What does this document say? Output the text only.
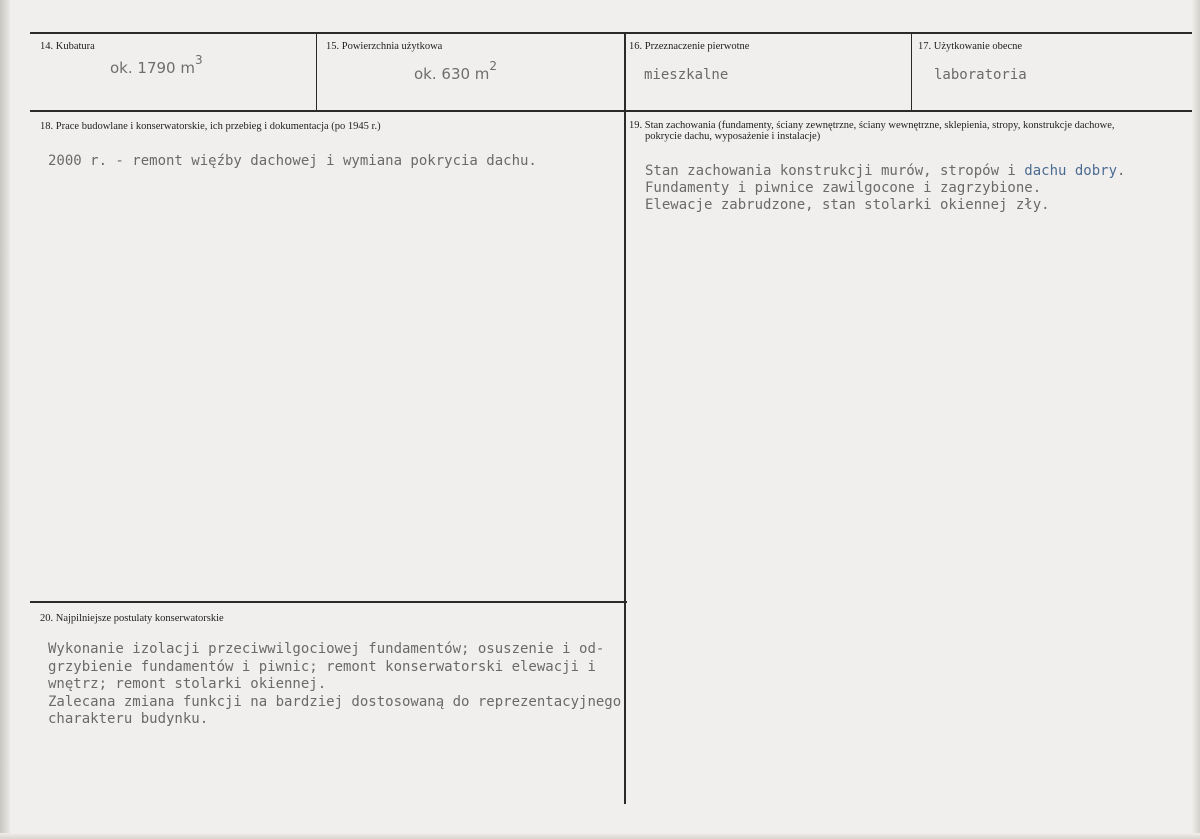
14. Kubatura
ok. 1790 $m^3$
15. Powierzchnia użytkowa
ok. 630 $m^2$
16. Przeznaczenie pierwotne
mieszkalne
17. Użytkowanie obecne
laboratoria
18. Prace budowlane i konserwatorskie, ich przebieg i dokumentacja (po 1945 r.)
2000 r. - remont więźby dachowej i wymiana pokrycia dachu.
19. Stan zachowania (fundamenty, ściany zewnętrzne, ściany wewnętrzne, sklepienia, stropy, konstrukcje dachowe,
pokrycie dachu, wyposażenie i instalacje)
Stan zachowania konstrukcji murów, stropów i dachu dobry.
Fundamenty i piwnice zawilgocone i zagrzybione.
Elewacje zabrudzone, stan stolarki okiennej zły.
20. Najpilniejsze postulaty konserwatorskie
Wykonanie izolacji przeciwwilgociowej fundamentów; osuszenie i od-
grzybienie fundamentów i piwnic; remont konserwatorski elewacji i
wnętrz; remont stolarki okiennej.
Zalecana zmiana funkcji na bardziej dostosowaną do reprezentacyjnego
charakteru budynku.
